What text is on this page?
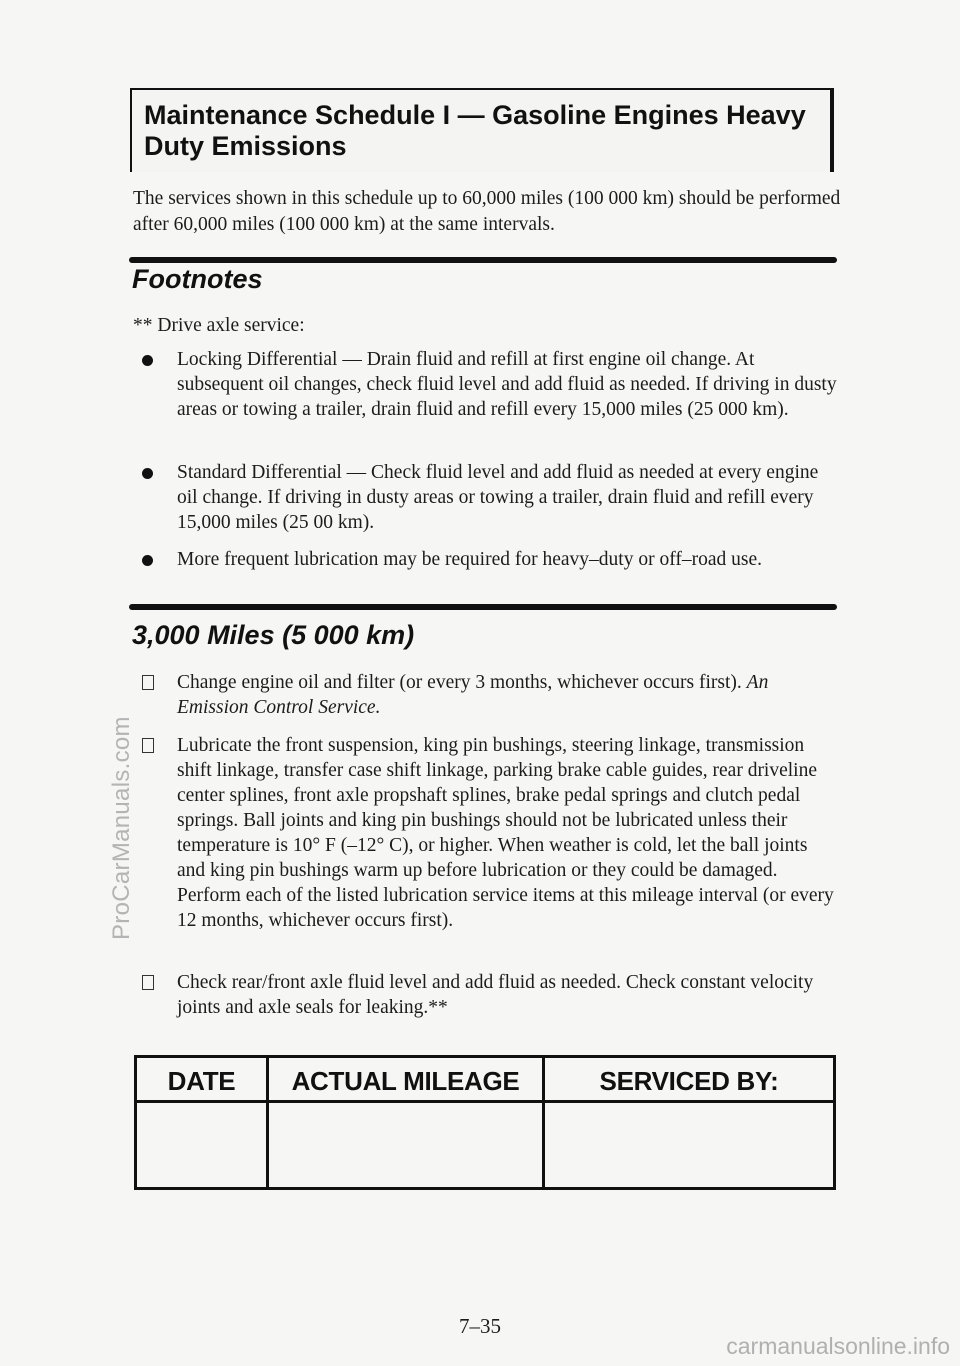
ProCarManuals.com
Maintenance Schedule I — Gasoline Engines Heavy Duty Emissions
The services shown in this schedule up to 60,000 miles (100 000 km) should be performed after 60,000 miles (100 000 km) at the same intervals.
Footnotes
** Drive axle service:
Locking Differential — Drain fluid and refill at first engine oil change. At subsequent oil changes, check fluid level and add fluid as needed. If driving in dusty areas or towing a trailer, drain fluid and refill every 15,000 miles (25 000 km).
Standard Differential — Check fluid level and add fluid as needed at every engine oil change. If driving in dusty areas or towing a trailer, drain fluid and refill every 15,000 miles (25 00 km).
More frequent lubrication may be required for heavy–duty or off–road use.
3,000 Miles (5 000 km)
Change engine oil and filter (or every 3 months, whichever occurs first). An Emission Control Service.
Lubricate the front suspension, king pin bushings, steering linkage, transmission shift linkage, transfer case shift linkage, parking brake cable guides, rear driveline center splines, front axle propshaft splines, brake pedal springs and clutch pedal springs. Ball joints and king pin bushings should not be lubricated unless their temperature is 10° F (–12° C), or higher. When weather is cold, let the ball joints and king pin bushings warm up before lubrication or they could be damaged. Perform each of the listed lubrication service items at this mileage interval (or every 12 months, whichever occurs first).
Check rear/front axle fluid level and add fluid as needed. Check constant velocity joints and axle seals for leaking.**
DATE	ACTUAL MILEAGE	SERVICED BY:
7–35
carmanualsonline.info
